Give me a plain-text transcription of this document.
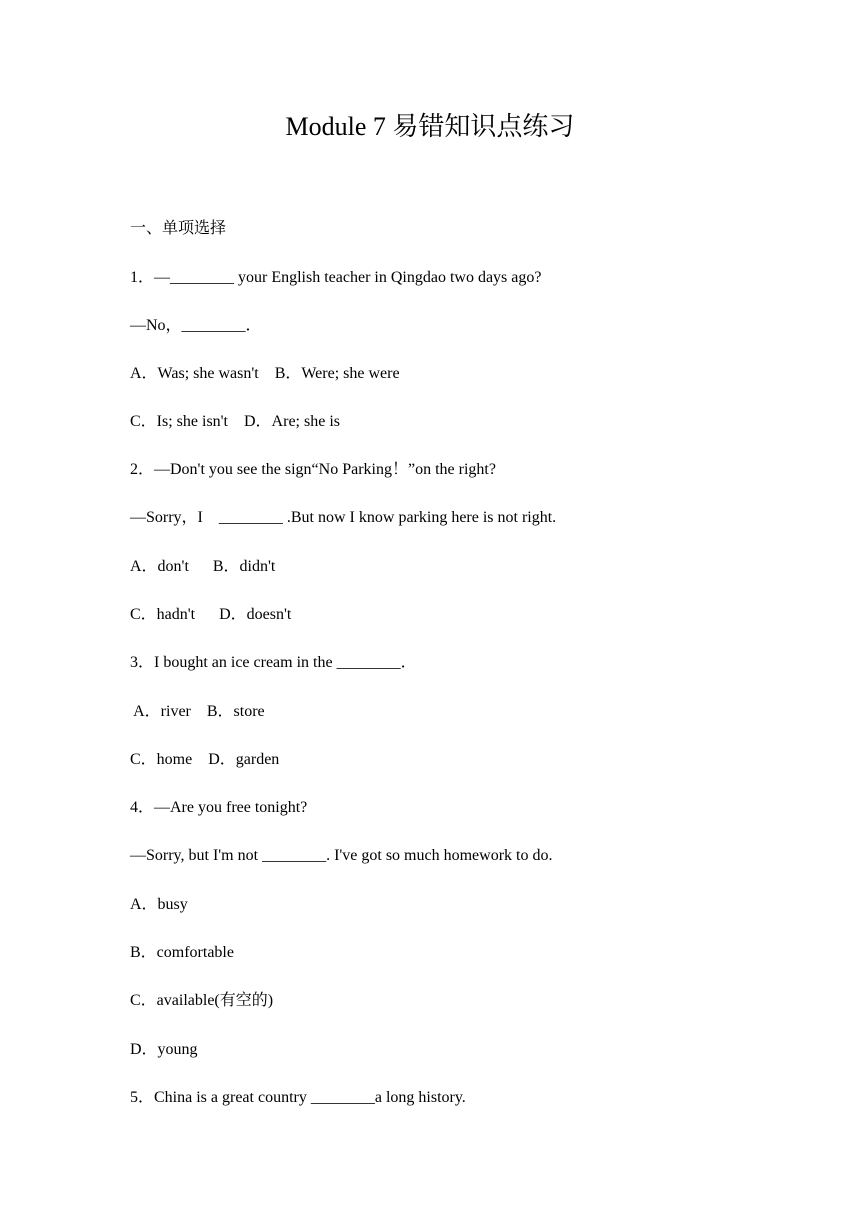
Module 7 易错知识点练习
一、单项选择
1．—________ your English teacher in Qingdao two days ago?
—No，________．
A．Was; she wasn't    B．Were; she were
C．Is; she isn't    D．Are; she is
2．—Don't you see the sign“No Parking！”on the right?
—Sorry，I    ________ .But now I know parking here is not right.
A．don't      B．didn't
C．hadn't      D．doesn't
3．I bought an ice cream in the ________．
A．river    B．store
C．home    D．garden
4．—Are you free tonight?
—Sorry, but I'm not ________. I've got so much homework to do.
A．busy
B．comfortable
C．available(有空的)
D．young
5．China is a great country ________a long history.
